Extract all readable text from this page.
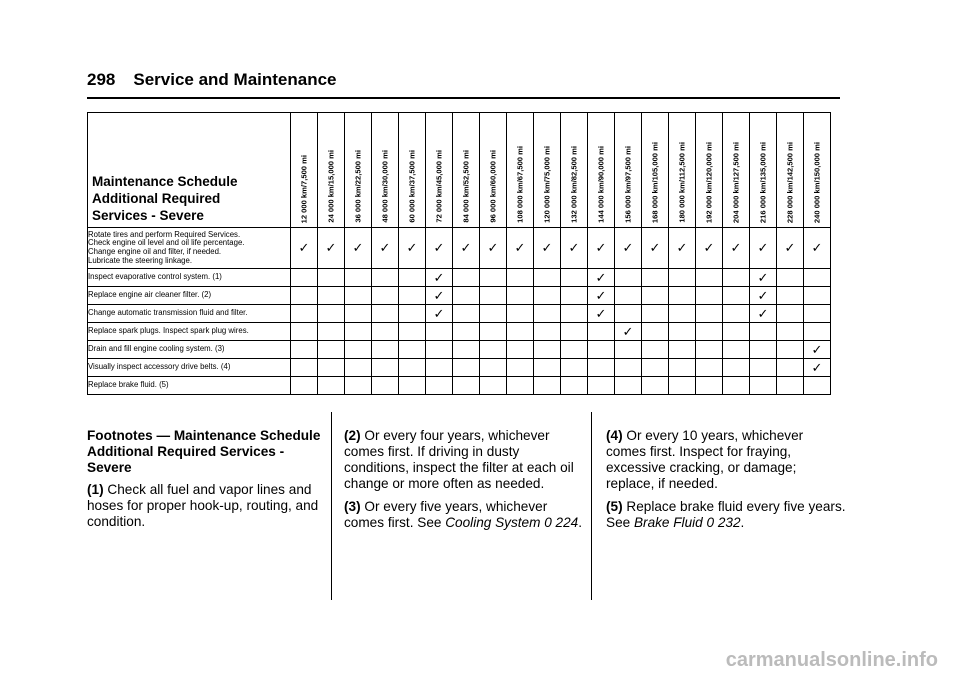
298 Service and Maintenance
Maintenance Schedule
Additional Required
Services - Severe	12 000 km/7,500 mi	24 000 km/15,000 mi	36 000 km/22,500 mi	48 000 km/30,000 mi	60 000 km/37,500 mi	72 000 km/45,000 mi	84 000 km/52,500 mi	96 000 km/60,000 mi	108 000 km/67,500 mi	120 000 km/75,000 mi	132 000 km/82,500 mi	144 000 km/90,000 mi	156 000 km/97,500 mi	168 000 km/105,000 mi	180 000 km/112,500 mi	192 000 km/120,000 mi	204 000 km/127,500 mi	216 000 km/135,000 mi	228 000 km/142,500 mi	240 000 km/150,000 mi

Rotate tires and perform Required Services.
Check engine oil level and oil life percentage.
Change engine oil and filter, if needed.
Lubricate the steering linkage.	✓	✓	✓	✓	✓	✓	✓	✓	✓	✓	✓	✓	✓	✓	✓	✓	✓	✓	✓	✓

Inspect evaporative control system. (1)						✓						✓						✓		

Replace engine air cleaner filter. (2)						✓						✓						✓		

Change automatic transmission fluid and filter.						✓						✓						✓		

Replace spark plugs. Inspect spark plug wires.													✓							

Drain and fill engine cooling system. (3)																				✓

Visually inspect accessory drive belts. (4)																				✓

Replace brake fluid. (5)																				

Footnotes — Maintenance Schedule Additional Required Services - Severe

(1) Check all fuel and vapor lines and hoses for proper hook-up, routing, and condition.

(2) Or every four years, whichever comes first. If driving in dusty conditions, inspect the filter at each oil change or more often as needed.

(3) Or every five years, whichever comes first. See Cooling System 0 224.

(4) Or every 10 years, whichever comes first. Inspect for fraying, excessive cracking, or damage; replace, if needed.

(5) Replace brake fluid every five years. See Brake Fluid 0 232.

carmanualsonline.info
